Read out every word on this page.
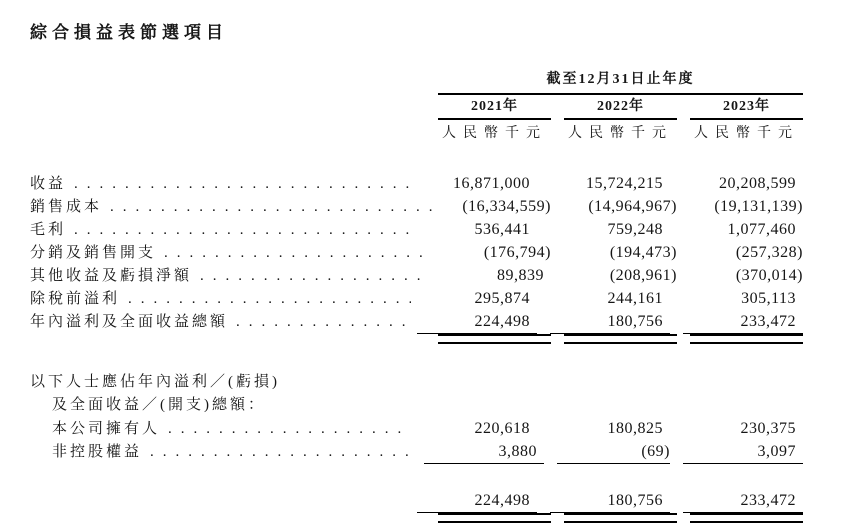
綜合損益表節選項目
截至12月31日止年度
2021年	2022年	2023年
人民幣千元 人民幣千元 人民幣千元
收益 .....	16,871,000	15,724,215	20,208,599
銷售成本 .....	(16,334,559)	(14,964,967)	(19,131,139)
毛利 .....	536,441	759,248	1,077,460
分銷及銷售開支 .....	(176,794)	(194,473)	(257,328)
其他收益及虧損淨額 .....	89,839	(208,961)	(370,014)
除稅前溢利 .....	295,874	244,161	305,113
年內溢利及全面收益總額 .....	224,498	180,756	233,472
以下人士應佔年內溢利／(虧損)
及全面收益／(開支)總額：
本公司擁有人 .....	220,618	180,825	230,375
非控股權益 .....	3,880	(69)	3,097
224,498	180,756	233,472
